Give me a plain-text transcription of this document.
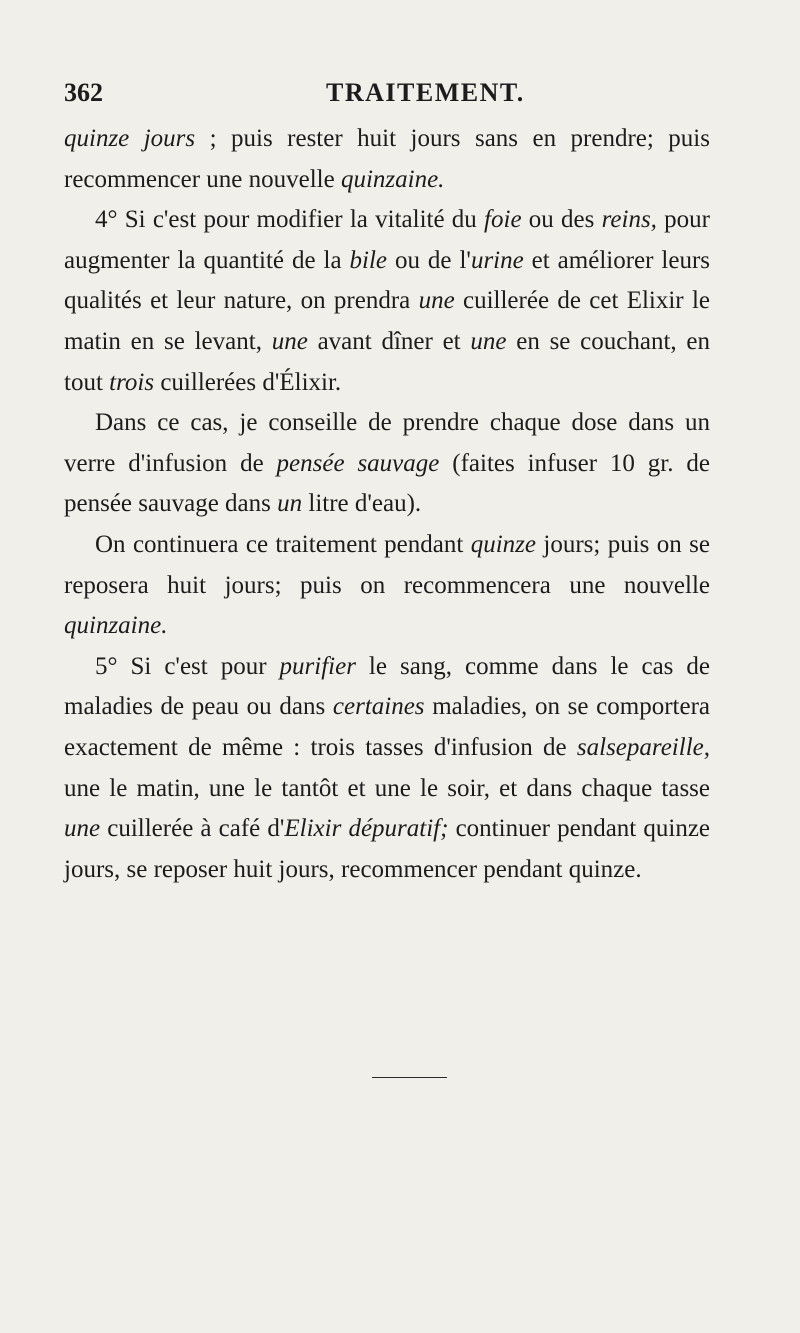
362	TRAITEMENT.

quinze jours ; puis rester huit jours sans en prendre; puis recommencer une nouvelle quinzaine.

4° Si c'est pour modifier la vitalité du foie ou des reins, pour augmenter la quantité de la bile ou de l'urine et améliorer leurs qualités et leur nature, on prendra une cuillerée de cet Elixir le matin en se levant, une avant dîner et une en se couchant, en tout trois cuillerées d'Élixir.

Dans ce cas, je conseille de prendre chaque dose dans un verre d'infusion de pensée sauvage (faites infuser 10 gr. de pensée sauvage dans un litre d'eau).

On continuera ce traitement pendant quinze jours; puis on se reposera huit jours; puis on recommencera une nouvelle quinzaine.

5° Si c'est pour purifier le sang, comme dans le cas de maladies de peau ou dans certaines maladies, on se comportera exactement de même : trois tasses d'infusion de salsepareille, une le matin, une le tantôt et une le soir, et dans chaque tasse une cuillerée à café d'Elixir dépuratif; continuer pendant quinze jours, se reposer huit jours, recommencer pendant quinze.
